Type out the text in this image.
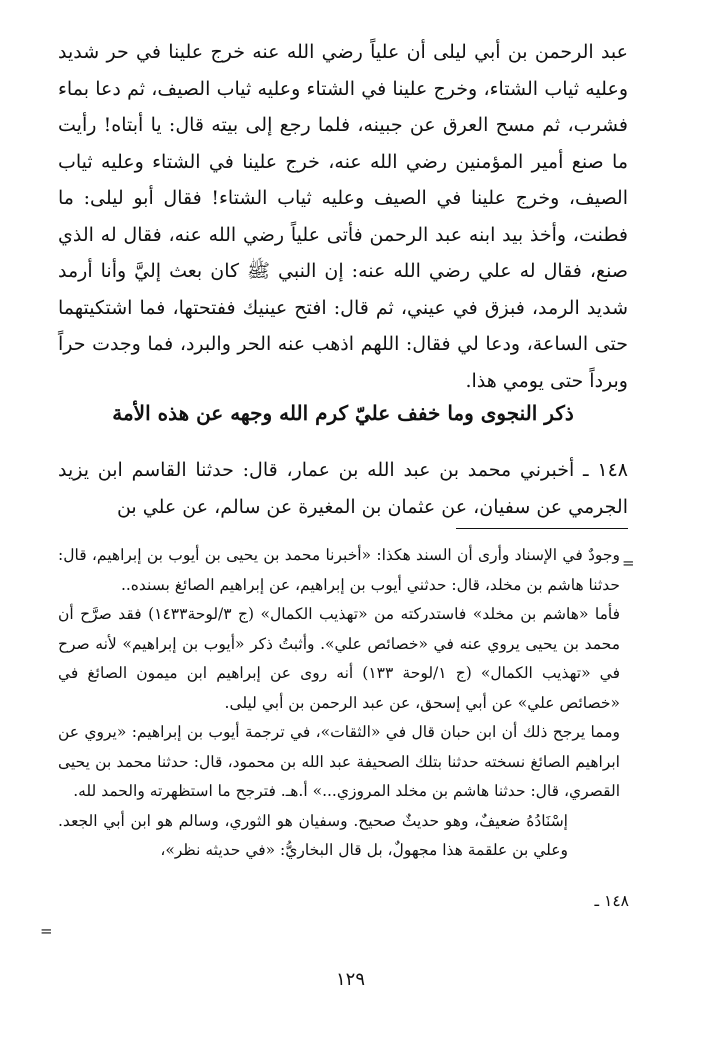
عبد الرحمن بن أبي ليلى أن علياً رضي الله عنه خرج علينا في حر شديد وعليه ثياب الشتاء، وخرج علينا في الشتاء وعليه ثياب الصيف، ثم دعا بماء فشرب، ثم مسح العرق عن جبينه، فلما رجع إلى بيته قال: يا أبتاه! رأيت ما صنع أمير المؤمنين رضي الله عنه، خرج علينا في الشتاء وعليه ثياب الصيف، وخرج علينا في الصيف وعليه ثياب الشتاء! فقال أبو ليلى: ما فطنت، وأخذ بيد ابنه عبد الرحمن فأتى علياً رضي الله عنه، فقال له الذي صنع، فقال له علي رضي الله عنه: إن النبي ﷺ كان بعث إليَّ وأنا أرمد شديد الرمد، فبزق في عيني، ثم قال: افتح عينيك ففتحتها، فما اشتكيتهما حتى الساعة، ودعا لي فقال: اللهم اذهب عنه الحر والبرد، فما وجدت حراً وبرداً حتى يومي هذا.

ذكر النجوى وما خفف عليّ كرم الله وجهه عن هذه الأمة

١٤٨ ـ أخبرني محمد بن عبد الله بن عمار، قال: حدثنا القاسم ابن يزيد الجرمي عن سفيان، عن عثمان بن المغيرة عن سالم، عن علي بن

=

وجودٌ في الإسناد وأرى أن السند هكذا: «أخبرنا محمد بن يحيى بن أيوب بن إبراهيم، قال: حدثنا هاشم بن مخلد، قال: حدثني أيوب بن إبراهيم، عن إبراهيم الصائغ بسنده..

فأما «هاشم بن مخلد» فاستدركته من «تهذيب الكمال» (ج ٣/لوحة١٤٣٣) فقد صرَّح أن محمد بن يحيى يروي عنه في «خصائص علي». وأثبتُ ذكر «أيوب بن إبراهيم» لأنه صرح في «تهذيب الكمال» (ج ١/لوحة ١٣٣) أنه روى عن إبراهيم ابن ميمون الصائغ في «خصائص علي» عن أبي إسحق، عن عبد الرحمن بن أبي ليلى.

ومما يرجح ذلك أن ابن حبان قال في «الثقات»، في ترجمة أيوب بن إبراهيم: «يروي عن ابراهيم الصائغ نسخته حدثنا بتلك الصحيفة عبد الله بن محمود، قال: حدثنا محمد بن يحيى القصري، قال: حدثنا هاشم بن مخلد المروزي...» أ.هـ. فترجح ما استظهرته والحمد لله.

إسْنَادُهُ ضعيفٌ، وهو حديثٌ صحيح. وسفيان هو الثوري، وسالم هو ابن أبي الجعد. وعلي بن علقمة هذا مجهولٌ، بل قال البخاريُّ: «في حديثه نظر»،

١٤٨ ـ
=
١٢٩
